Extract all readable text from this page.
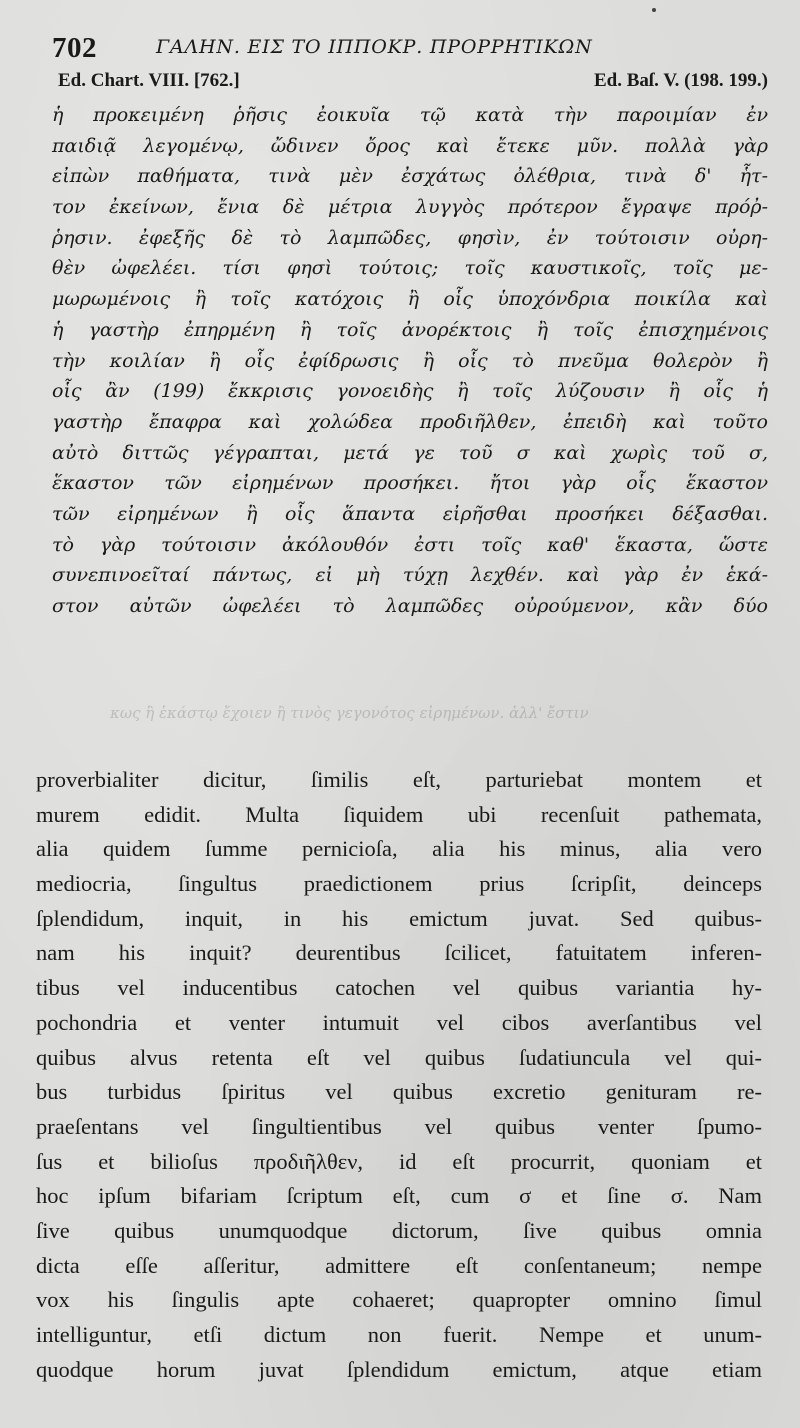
702	ΓΑΛΗΝ. ΕΙΣ ΤΟ ΙΠΠΟΚΡ. ΠΡΟΡΡΗΤΙΚΩΝ
Ed. Chart. VIII. [762.]	Ed. Baſ. V. (198. 199.)
ἡ προκειμένη ῥῆσις ἐοικυῖα τῷ κατὰ τὴν παροιμίαν ἐν
παιδιᾷ λεγομένῳ, ὤδινεν ὄρος καὶ ἔτεκε μῦν. πολλὰ γὰρ
εἰπὼν παθήματα, τινὰ μὲν ἐσχάτως ὀλέθρια, τινὰ δ' ἧτ-
τον ἐκείνων, ἔνια δὲ μέτρια λυγγὸς πρότερον ἔγραψε πρόῤ-
ῥησιν. ἐφεξῆς δὲ τὸ λαμπῶδες, φησὶν, ἐν τούτοισιν οὐρη-
θὲν ὠφελέει. τίσι φησὶ τούτοις; τοῖς καυστικοῖς, τοῖς με-
μωρωμένοις ἢ τοῖς κατόχοις ἢ οἷς ὑποχόνδρια ποικίλα καὶ
ἡ γαστὴρ ἐπηρμένη ἢ τοῖς ἀνορέκτοις ἢ τοῖς ἐπισχημένοις
τὴν κοιλίαν ἢ οἷς ἐφίδρωσις ἢ οἷς τὸ πνεῦμα θολερὸν ἢ
οἷς ἂν (199) ἔκκρισις γονοειδὴς ἢ τοῖς λύζουσιν ἢ οἷς ἡ
γαστὴρ ἔπαφρα καὶ χολώδεα προδιῆλθεν, ἐπειδὴ καὶ τοῦτο
αὐτὸ διττῶς γέγραπται, μετά γε τοῦ σ καὶ χωρὶς τοῦ σ,
ἕκαστον τῶν εἰρημένων προσήκει. ἤτοι γὰρ οἷς ἕκαστον
τῶν εἰρημένων ἢ οἷς ἅπαντα εἰρῆσθαι προσήκει δέξασθαι.
τὸ γὰρ τούτοισιν ἀκόλουθόν ἐστι τοῖς καθ' ἕκαστα, ὥστε
συνεπινοεῖταί πάντως, εἰ μὴ τύχῃ λεχθέν. καὶ γὰρ ἐν ἑκά-
στον αὐτῶν ὠφελέει τὸ λαμπῶδες οὐρούμενον, κἂν δύο
κως ἢ ἑκάστῳ ἔχοιεν ἢ τινὸς γεγονότος εἰρημένων. ἀλλ' ἔστιν
proverbialiter dicitur, ſimilis eſt, parturiebat montem et
murem edidit. Multa ſiquidem ubi recenſuit pathemata,
alia quidem ſumme pernicioſa, alia his minus, alia vero
mediocria, ſingultus praedictionem prius ſcripſit, deinceps
ſplendidum, inquit, in his emictum juvat. Sed quibus-
nam his inquit? deurentibus ſcilicet, fatuitatem inferen-
tibus vel inducentibus catochen vel quibus variantia hy-
pochondria et venter intumuit vel cibos averſantibus vel
quibus alvus retenta eſt vel quibus ſudatiuncula vel qui-
bus turbidus ſpiritus vel quibus excretio genituram re-
praeſentans vel ſingultientibus vel quibus venter ſpumo-
ſus et bilioſus προδιῆλθεν, id eſt procurrit, quoniam et
hoc ipſum bifariam ſcriptum eſt, cum σ et ſine σ. Nam
ſive quibus unumquodque dictorum, ſive quibus omnia
dicta eſſe aſſeritur, admittere eſt conſentaneum; nempe
vox his ſingulis apte cohaeret; quapropter omnino ſimul
intelliguntur, etſi dictum non fuerit. Nempe et unum-
quodque horum juvat ſplendidum emictum, atque etiam
